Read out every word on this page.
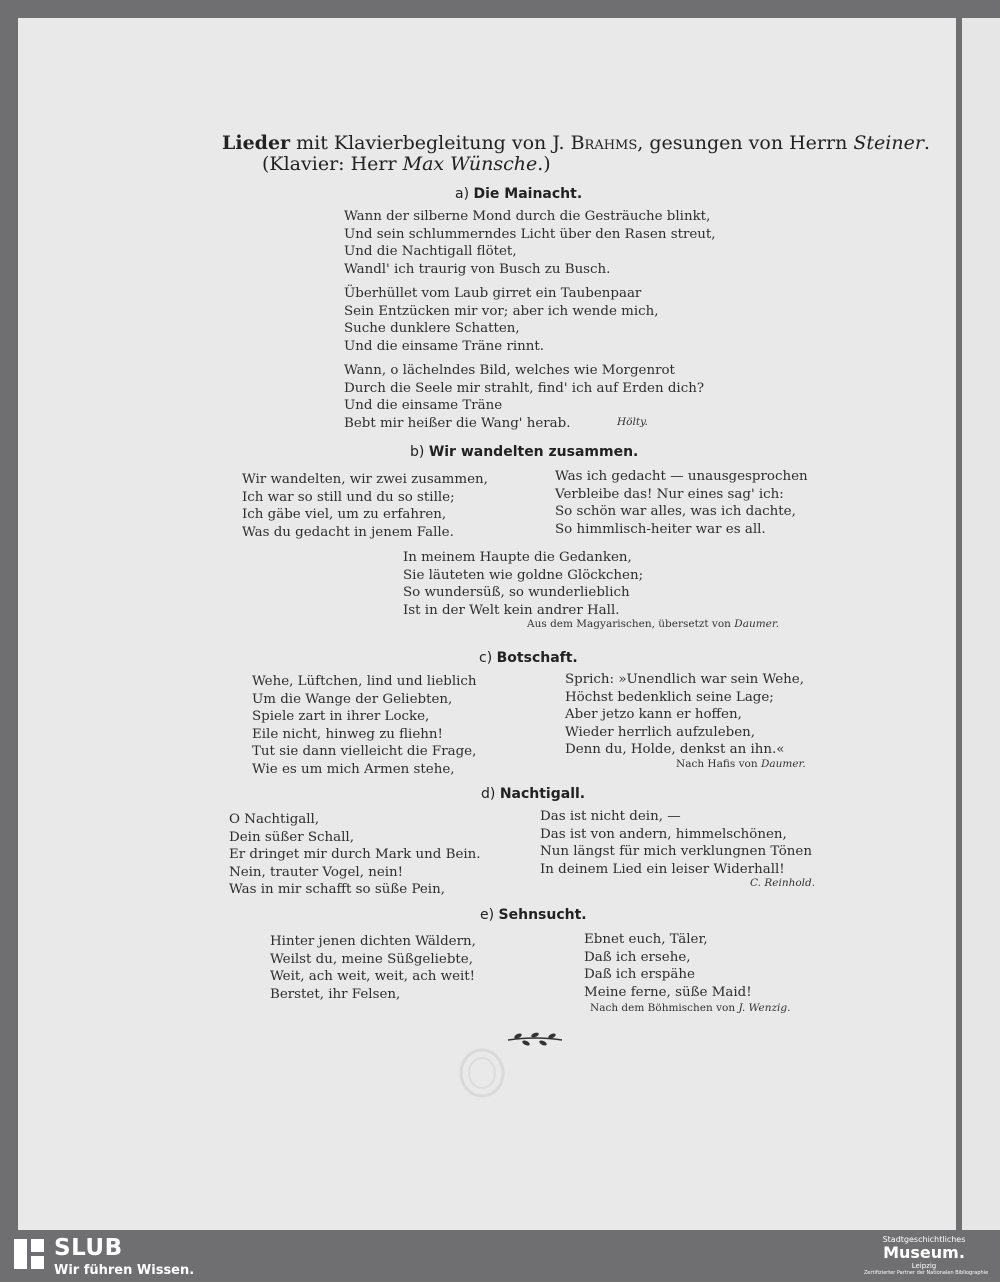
Lieder mit Klavierbegleitung von J. Brahms, gesungen von Herrn Steiner.
(Klavier: Herr Max Wünsche.)
a) Die Mainacht.
Wann der silberne Mond durch die Gesträuche blinkt,
Und sein schlummerndes Licht über den Rasen streut,
Und die Nachtigall flötet,
Wandl' ich traurig von Busch zu Busch.
Überhüllet vom Laub girret ein Taubenpaar
Sein Entzücken mir vor; aber ich wende mich,
Suche dunklere Schatten,
Und die einsame Träne rinnt.
Wann, o lächelndes Bild, welches wie Morgenrot
Durch die Seele mir strahlt, find' ich auf Erden dich?
Und die einsame Träne
Bebt mir heißer die Wang' herab.	Hölty.
b) Wir wandelten zusammen.
Wir wandelten, wir zwei zusammen,
Ich war so still und du so stille;
Ich gäbe viel, um zu erfahren,
Was du gedacht in jenem Falle.
Was ich gedacht — unausgesprochen
Verbleibe das! Nur eines sag' ich:
So schön war alles, was ich dachte,
So himmlisch-heiter war es all.
In meinem Haupte die Gedanken,
Sie läuteten wie goldne Glöckchen;
So wundersüß, so wunderlieblich
Ist in der Welt kein andrer Hall.
Aus dem Magyarischen, übersetzt von Daumer.
c) Botschaft.
Wehe, Lüftchen, lind und lieblich
Um die Wange der Geliebten,
Spiele zart in ihrer Locke,
Eile nicht, hinweg zu fliehn!
Tut sie dann vielleicht die Frage,
Wie es um mich Armen stehe,
Sprich: »Unendlich war sein Wehe,
Höchst bedenklich seine Lage;
Aber jetzo kann er hoffen,
Wieder herrlich aufzuleben,
Denn du, Holde, denkst an ihn.«
Nach Hafis von Daumer.
d) Nachtigall.
O Nachtigall,
Dein süßer Schall,
Er dringet mir durch Mark und Bein.
Nein, trauter Vogel, nein!
Was in mir schafft so süße Pein,
Das ist nicht dein, —
Das ist von andern, himmelschönen,
Nun längst für mich verklungnen Tönen
In deinem Lied ein leiser Widerhall!
C. Reinhold.
e) Sehnsucht.
Hinter jenen dichten Wäldern,
Weilst du, meine Süßgeliebte,
Weit, ach weit, weit, ach weit!
Berstet, ihr Felsen,
Ebnet euch, Täler,
Daß ich ersehe,
Daß ich erspähe
Meine ferne, süße Maid!
Nach dem Böhmischen von J. Wenzig.
SLUB
Wir führen Wissen.
Stadtgeschichtliches
Museum.
Leipzig
Zertifizierter Partner der Nationalen Bibliographie
